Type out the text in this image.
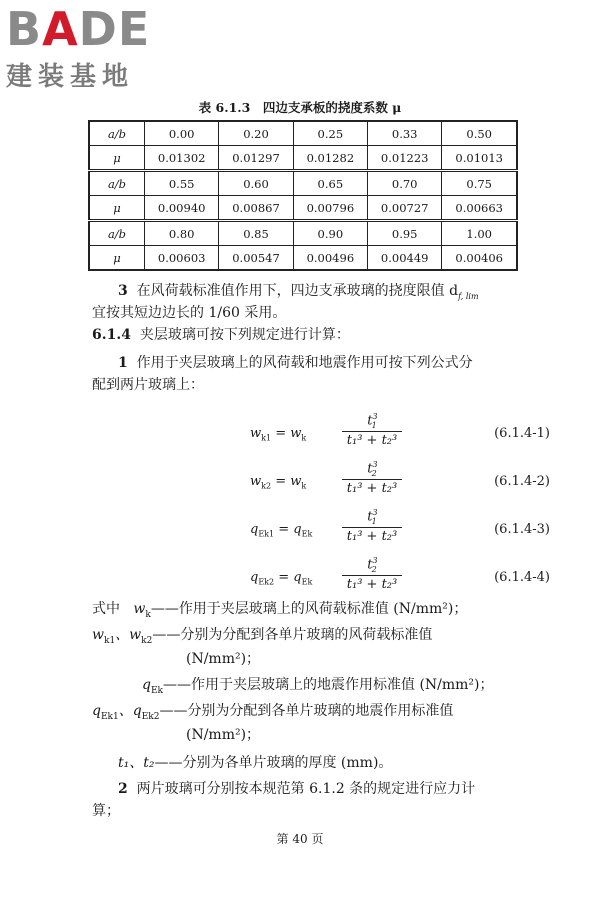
BADE
建装基地
表 6.1.3　四边支承板的挠度系数 μ
a/b	0.00	0.20	0.25	0.33	0.50
μ	0.01302	0.01297	0.01282	0.01223	0.01013
a/b	0.55	0.60	0.65	0.70	0.75
μ	0.00940	0.00867	0.00796	0.00727	0.00663
a/b	0.80	0.85	0.90	0.95	1.00
μ	0.00603	0.00547	0.00496	0.00449	0.00406
3 在风荷载标准值作用下，四边支承玻璃的挠度限值 $d_{f, lim}$
宜按其短边边长的 1/60 采用。
6.1.4 夹层玻璃可按下列规定进行计算：
1 作用于夹层玻璃上的风荷载和地震作用可按下列公式分
配到两片玻璃上：
$w_{k1} = w_k$	$\frac{t^3_1}{\text{t₁³ + t₂³}}$	(6.1.4-1)
$w_{k2} = w_k$	$\frac{t^3_2}{\text{t₁³ + t₂³}}$	(6.1.4-2)
$q_{Ek1} = q_{Ek} \frac{t^3_1}{\text{t₁³ + t₂³}}$	(6.1.4-3)
$q_{Ek2} = q_{Ek} \frac{t^3_2}{\text{t₁³ + t₂³}}$	(6.1.4-4)
式中 $w_k——$作用于夹层玻璃上的风荷载标准值 (N/mm²)；
$w_{k1}$、$w_{k2}——$分别为分配到各单片玻璃的风荷载标准值
(N/mm²)；
$q_{Ek}——$作用于夹层玻璃上的地震作用标准值 (N/mm²)；
$q_{Ek1}$、$q_{Ek2}——$分别为分配到各单片玻璃的地震作用标准值
(N/mm²)；
t₁、t₂——分别为各单片玻璃的厚度 (mm)。
2 两片玻璃可分别按本规范第 6.1.2 条的规定进行应力计
算；
第 40 页
